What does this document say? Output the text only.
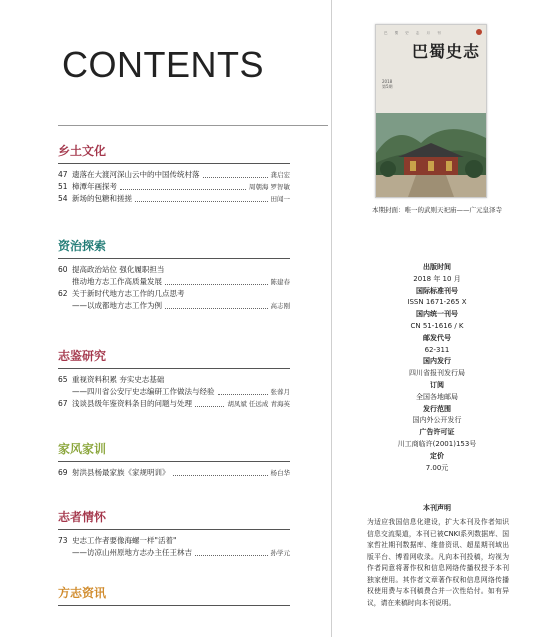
CONTENTS
乡土文化
47 遗落在大渡河深山云中的中国传统村落	龚启宏
51 樟潭年画探考	周朝海 罗智敏
54 新场的包糖和搓搓	田闻一
资治探索
60 提高政治站位 强化履职担当
推动地方志工作高质量发展	陈建春
62 关于新时代地方志工作的几点思考
——以成都地方志工作为例	高志刚
志鉴研究
65 重视资料积累 夯实史志基础
——四川省公安厅史志编研工作做法与经验	张蓉月
67 浅谈县级年鉴资料条目的问题与处理	胡凤斌 任远成 青海英
家风家训
69 射洪县杨最家族《家规明训》	杨白华
志者情怀
73 史志工作者要像海螺一样"活着"
——访凉山州原地方志办主任王林吉	孙学元
方志资讯
巴 蜀 史 志 月 刊
巴蜀史志
2018
第5期
本期封面：唯一的武则天祀庙——广元皇泽寺
出版时间
2018 年 10 月
国际标准刊号
ISSN 1671-265 X
国内统一刊号
CN 51-1616 / K
邮发代号
62-311
国内发行
四川省报刊发行局
订阅
全国各地邮局
发行范围
国内外公开发行
广告许可证
川工商临许(2001)153号
定价
7.00元
本刊声明
为适应我国信息化建设，扩大本刊及作者知识信息交流渠道，本刊已被CNKI系列数据库、国家哲社期刊数据库、维普资讯、超星期刊域出版平台、博看网收录。凡向本刊投稿，均视为作者同意将著作权和信息网络传播权授予本刊独家使用。其作者文章著作权和信息网络传播权使用费与本刊稿费合并一次性给付。如有异议，请在来稿时向本刊说明。
